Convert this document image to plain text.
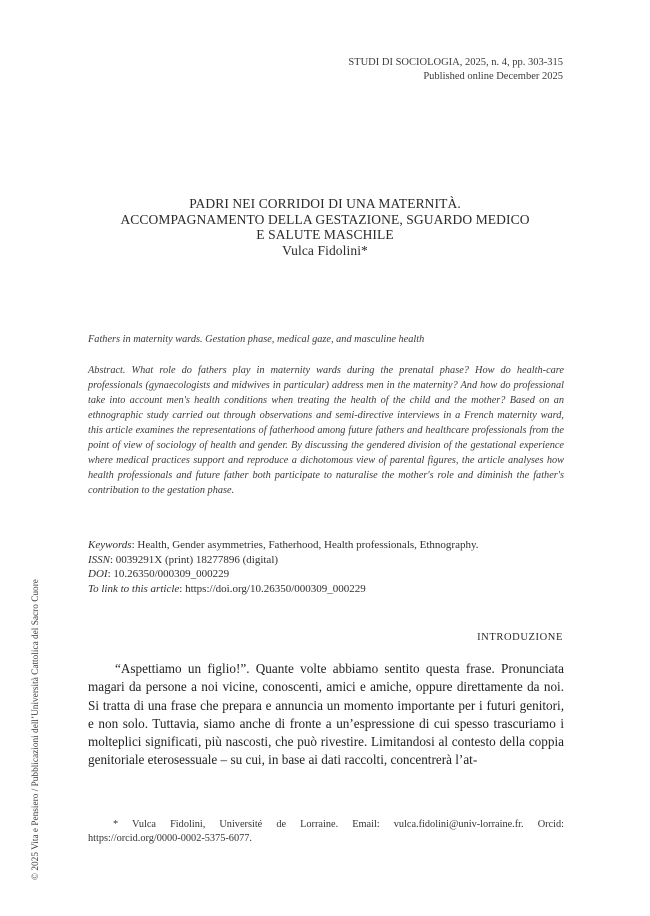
STUDI DI SOCIOLOGIA, 2025, n. 4, pp. 303-315
Published online December 2025
PADRI NEI CORRIDOI DI UNA MATERNITÀ.
ACCOMPAGNAMENTO DELLA GESTAZIONE, SGUARDO MEDICO
E SALUTE MASCHILE
Vulca Fidolini*
Fathers in maternity wards. Gestation phase, medical gaze, and masculine health
Abstract. What role do fathers play in maternity wards during the prenatal phase? How do health-care professionals (gynaecologists and midwives in particular) address men in the maternity? And how do professional take into account men's health conditions when treating the health of the child and the mother? Based on an ethnographic study carried out through observations and semi-directive interviews in a French maternity ward, this article examines the representations of fatherhood among future fathers and healthcare professionals from the point of view of sociology of health and gender. By discussing the gendered division of the gestational experience where medical practices support and reproduce a dichotomous view of parental figures, the article analyses how health professionals and future father both participate to naturalise the mother's role and diminish the father's contribution to the gestation phase.
Keywords: Health, Gender asymmetries, Fatherhood, Health professionals, Ethnography.
ISSN: 0039291X (print) 18277896 (digital)
DOI: 10.26350/000309_000229
To link to this article: https://doi.org/10.26350/000309_000229
INTRODUZIONE
“Aspettiamo un figlio!”. Quante volte abbiamo sentito questa frase. Pronunciata magari da persone a noi vicine, conoscenti, amici e amiche, oppure direttamente da noi. Si tratta di una frase che prepara e annuncia un momento importante per i futuri genitori, e non solo. Tuttavia, siamo anche di fronte a un’espressione di cui spesso trascuriamo i molteplici significati, più nascosti, che può rivestire. Limitandosi al contesto della coppia genitoriale eterosessuale – su cui, in base ai dati raccolti, concentrerà l’at-
* Vulca Fidolini, Université de Lorraine. Email: vulca.fidolini@univ-lorraine.fr. Orcid: https://orcid.org/0000-0002-5375-6077.
© 2025 Vita e Pensiero / Pubblicazioni dell’Università Cattolica del Sacro Cuore
